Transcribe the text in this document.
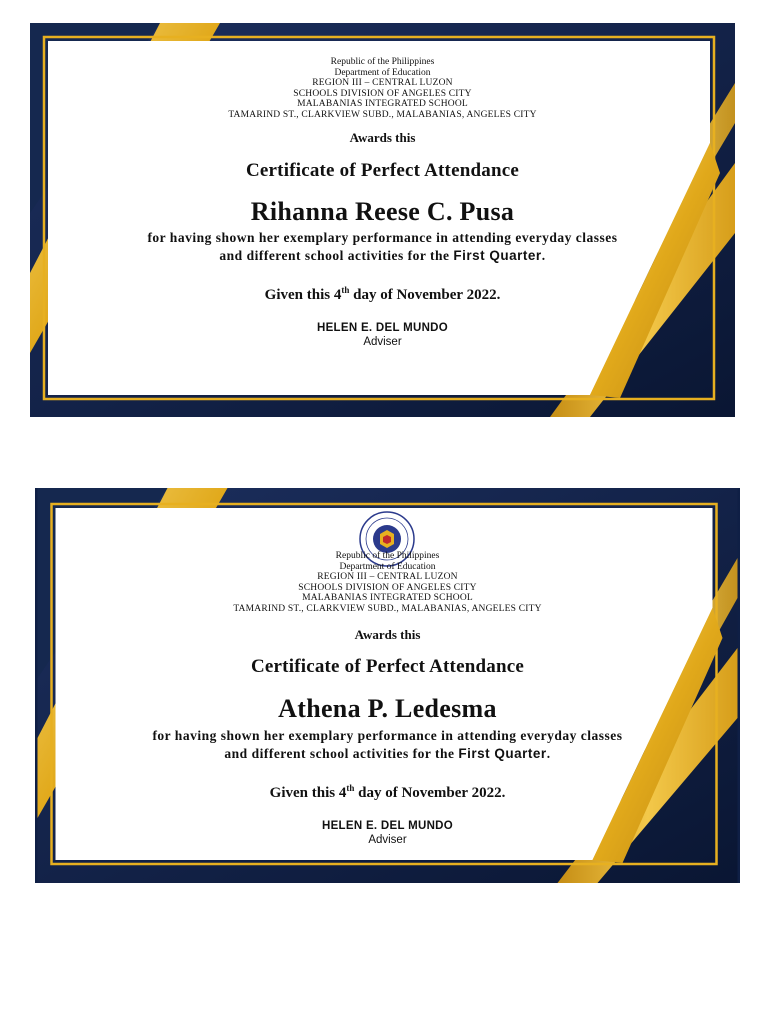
Republic of the Philippines
Department of Education
REGION III – CENTRAL LUZON
SCHOOLS DIVISION OF ANGELES CITY
MALABANIAS INTEGRATED SCHOOL
TAMARIND ST., CLARKVIEW SUBD., MALABANIAS, ANGELES CITY
Awards this
Certificate of Perfect Attendance
Rihanna Reese C. Pusa
for having shown her exemplary performance in attending everyday classes
and different school activities for the First Quarter.
Given this 4th day of November 2022.
HELEN E. DEL MUNDO
Adviser
Republic of the Philippines
Department of Education
REGION III – CENTRAL LUZON
SCHOOLS DIVISION OF ANGELES CITY
MALABANIAS INTEGRATED SCHOOL
TAMARIND ST., CLARKVIEW SUBD., MALABANIAS, ANGELES CITY
Awards this
Certificate of Perfect Attendance
Athena P. Ledesma
for having shown her exemplary performance in attending everyday classes
and different school activities for the First Quarter.
Given this 4th day of November 2022.
HELEN E. DEL MUNDO
Adviser
